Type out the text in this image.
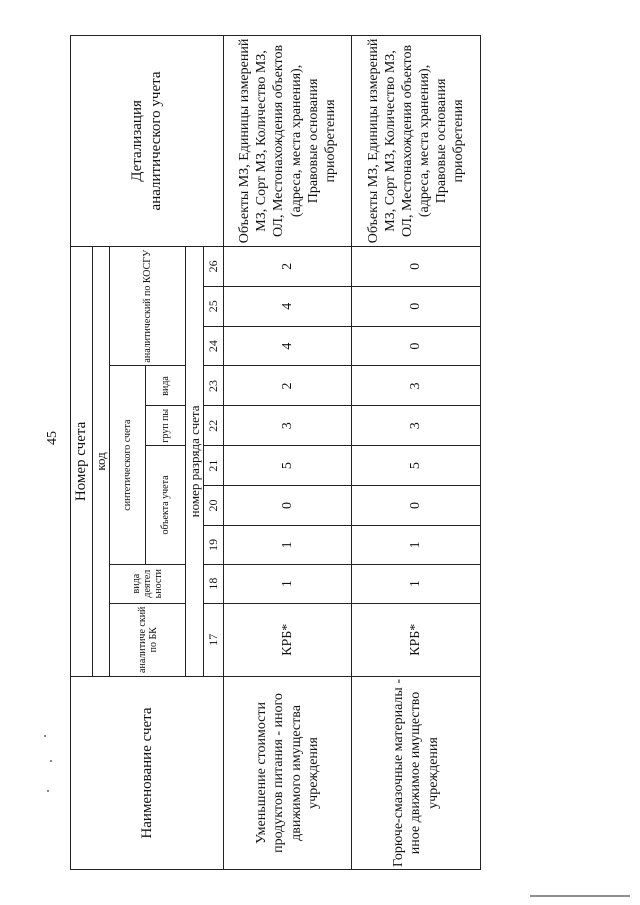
45
Наименование счета	Номер счета										Детализация аналитического учета

	код										
	аналитиче ский по БК	вида деятел ьности	синтетического счета					аналитический по КОСГУ			
			объекта учета			груп пы	вида				
	номер разряда счета										
	17	18	19	20	21	22	23	24	25	26	
Уменьшение стоимости продуктов питания - иного движимого имущества учреждения	КРБ*	1	1	0	5	3	2	4	4	2	Объекты МЗ, Единицы измерений МЗ, Сорт МЗ, Количество МЗ, ОЛ, Местонахождения объектов (адреса, места хранения), Правовые основания приобретения
Горюче-смазочные материалы - иное движимое имущество учреждения	КРБ*	1	1	0	5	3	3	0	0	0	Объекты МЗ, Единицы измерений МЗ, Сорт МЗ, Количество МЗ, ОЛ, Местонахождения объектов (адреса, места хранения), Правовые основания приобретения
